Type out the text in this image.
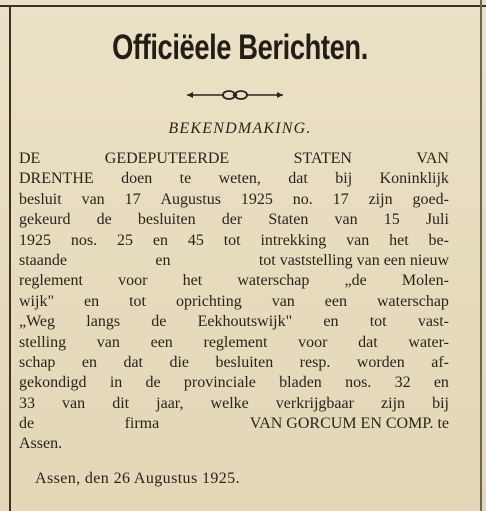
Officiëele Berichten.
BEKENDMAKING.
DE	GEDEPUTEERDE	STATEN	VAN
DRENTHE doen te weten, dat bij Koninklijk
besluit van 17 Augustus 1925 no. 17 zijn goed-
gekeurd de besluiten der Staten van 15 Juli
1925 nos. 25 en 45 tot intrekking van het be-
staande	en	tot vaststelling van een nieuw
reglement voor het waterschap „de Molen-
wijk" en tot oprichting van een waterschap
„Weg langs de Eekhoutswijk" en tot vast-
stelling van een reglement voor dat water-
schap en dat die besluiten resp. worden af-
gekondigd in de provinciale bladen nos. 32 en
33 van dit jaar, welke verkrijgbaar zijn bij
de	firma	VAN GORCUM EN COMP. te
Assen.
Assen, den 26 Augustus 1925.
